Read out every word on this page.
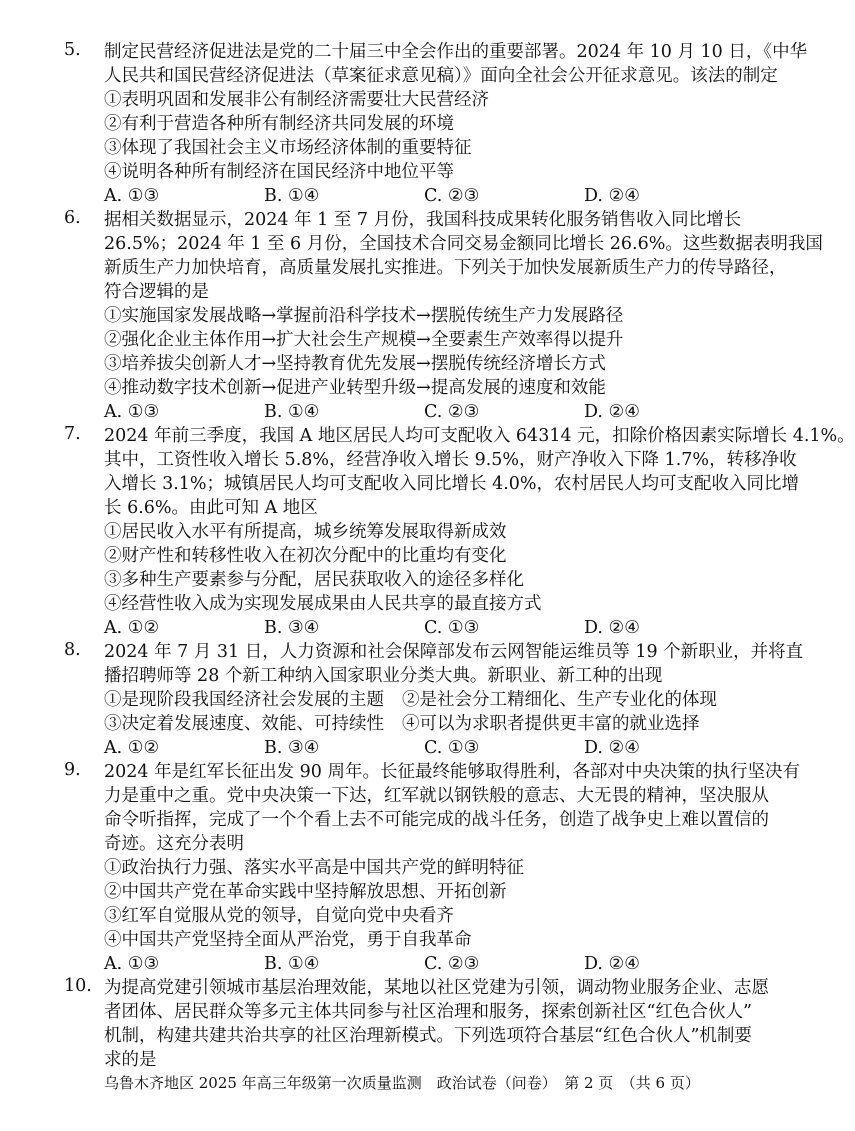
5.	制定民营经济促进法是党的二十届三中全会作出的重要部署。2024 年 10 月 10 日，《中华
人民共和国民营经济促进法（草案征求意见稿）》面向全社会公开征求意见。该法的制定
①表明巩固和发展非公有制经济需要壮大民营经济
②有利于营造各种所有制经济共同发展的环境
③体现了我国社会主义市场经济体制的重要特征
④说明各种所有制经济在国民经济中地位平等
A. ①③	B. ①④	C. ②③	D. ②④
6.	据相关数据显示，2024 年 1 至 7 月份，我国科技成果转化服务销售收入同比增长
26.5%；2024 年 1 至 6 月份，全国技术合同交易金额同比增长 26.6%。这些数据表明我国
新质生产力加快培育，高质量发展扎实推进。下列关于加快发展新质生产力的传导路径，
符合逻辑的是
①实施国家发展战略→掌握前沿科学技术→摆脱传统生产力发展路径
②强化企业主体作用→扩大社会生产规模→全要素生产效率得以提升
③培养拔尖创新人才→坚持教育优先发展→摆脱传统经济增长方式
④推动数字技术创新→促进产业转型升级→提高发展的速度和效能
A. ①③	B. ①④	C. ②③	D. ②④
7.	2024 年前三季度，我国 A 地区居民人均可支配收入 64314 元，扣除价格因素实际增长 4.1%。
其中，工资性收入增长 5.8%，经营净收入增长 9.5%，财产净收入下降 1.7%，转移净收
入增长 3.1%；城镇居民人均可支配收入同比增长 4.0%，农村居民人均可支配收入同比增
长 6.6%。由此可知 A 地区
①居民收入水平有所提高，城乡统筹发展取得新成效
②财产性和转移性收入在初次分配中的比重均有变化
③多种生产要素参与分配，居民获取收入的途径多样化
④经营性收入成为实现发展成果由人民共享的最直接方式
A. ①②	B. ③④	C. ①③	D. ②④
8.	2024 年 7 月 31 日，人力资源和社会保障部发布云网智能运维员等 19 个新职业，并将直
播招聘师等 28 个新工种纳入国家职业分类大典。新职业、新工种的出现
①是现阶段我国经济社会发展的主题	②是社会分工精细化、生产专业化的体现
③决定着发展速度、效能、可持续性	④可以为求职者提供更丰富的就业选择
A. ①②	B. ③④	C. ①③	D. ②④
9.	2024 年是红军长征出发 90 周年。长征最终能够取得胜利，各部对中央决策的执行坚决有
力是重中之重。党中央决策一下达，红军就以钢铁般的意志、大无畏的精神，坚决服从
命令听指挥，完成了一个个看上去不可能完成的战斗任务，创造了战争史上难以置信的
奇迹。这充分表明
①政治执行力强、落实水平高是中国共产党的鲜明特征
②中国共产党在革命实践中坚持解放思想、开拓创新
③红军自觉服从党的领导，自觉向党中央看齐
④中国共产党坚持全面从严治党，勇于自我革命
A. ①③	B. ①④	C. ②③	D. ②④
10. 为提高党建引领城市基层治理效能，某地以社区党建为引领，调动物业服务企业、志愿
者团体、居民群众等多元主体共同参与社区治理和服务，探索创新社区“红色合伙人”
机制，构建共建共治共享的社区治理新模式。下列选项符合基层“红色合伙人”机制要
求的是
乌鲁木齐地区 2025 年高三年级第一次质量监测　政治试卷（问卷）　第 2 页　（共 6 页）
